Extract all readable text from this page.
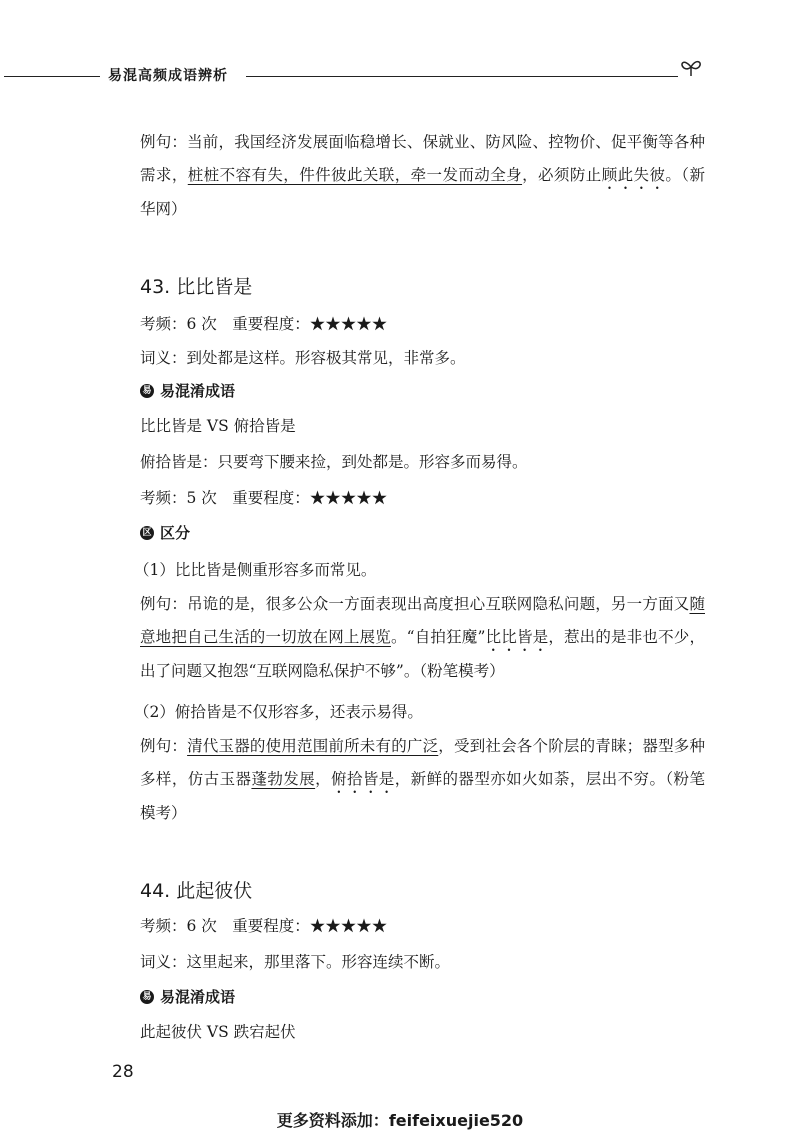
易混高频成语辨析
例句：当前，我国经济发展面临稳增长、保就业、防风险、控物价、促平衡等各种需求，桩桩不容有失，件件彼此关联，牵一发而动全身，必须防止顾此失彼。（新华网）
43. 比比皆是
考频：6 次　重要程度：★★★★★
词义：到处都是这样。形容极其常见，非常多。
易 易混淆成语
比比皆是 VS 俯拾皆是
俯拾皆是：只要弯下腰来捡，到处都是。形容多而易得。
考频：5 次　重要程度：★★★★★
区 区分
（1）比比皆是侧重形容多而常见。
例句：吊诡的是，很多公众一方面表现出高度担心互联网隐私问题，另一方面又随意地把自己生活的一切放在网上展览。“自拍狂魔”比比皆是，惹出的是非也不少，出了问题又抱怨“互联网隐私保护不够”。（粉笔模考）
（2）俯拾皆是不仅形容多，还表示易得。
例句：清代玉器的使用范围前所未有的广泛，受到社会各个阶层的青睐；器型多种多样，仿古玉器蓬勃发展，俯拾皆是，新鲜的器型亦如火如荼，层出不穷。（粉笔模考）
44. 此起彼伏
考频：6 次　重要程度：★★★★★
词义：这里起来，那里落下。形容连续不断。
易 易混淆成语
此起彼伏 VS 跌宕起伏
28
更多资料添加：feifeixuejie520
